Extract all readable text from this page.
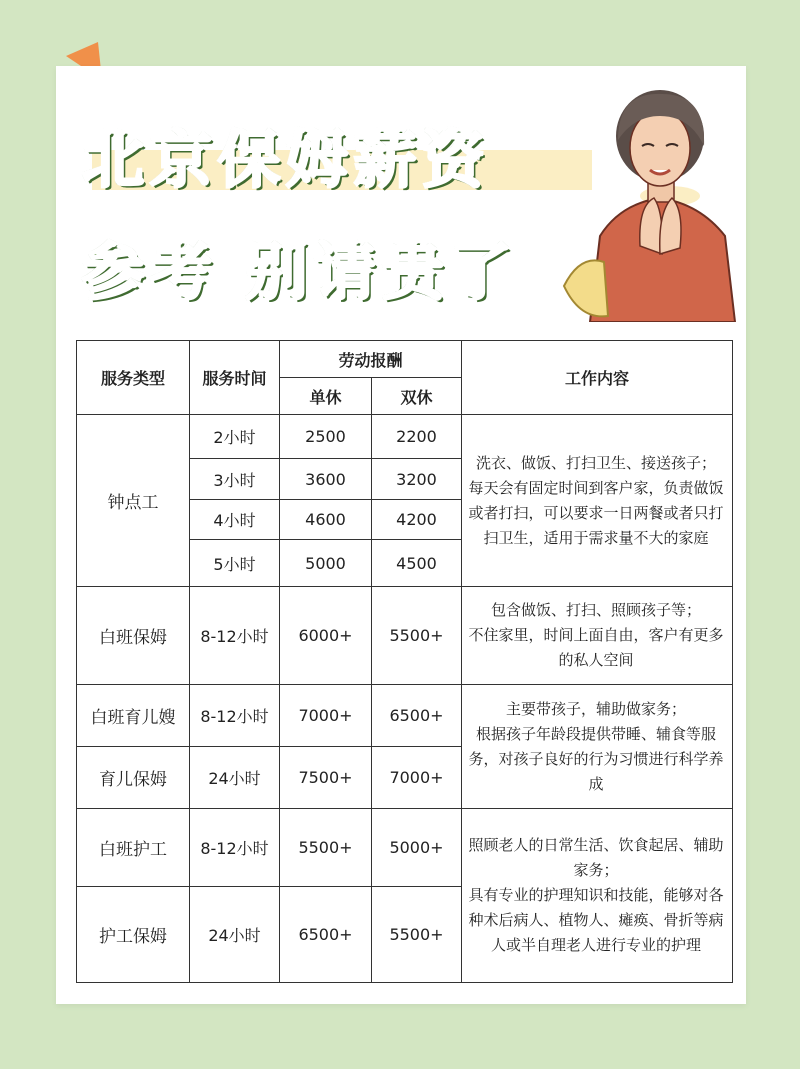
北京保姆薪资
参考 别请贵了
服务类型	服务时间	劳动报酬		工作内容
		单休	双休	
钟点工	2小时	2500	2200	洗衣、做饭、打扫卫生、接送孩子；
每天会有固定时间到客户家，负责做饭或者打扫，可以要求一日两餐或者只打扫卫生，适用于需求量不大的家庭
	3小时	3600	3200	
	4小时	4600	4200	
	5小时	5000	4500	
白班保姆	8-12小时	6000+	5500+	包含做饭、打扫、照顾孩子等；
不住家里，时间上面自由，客户有更多的私人空间
白班育儿嫂	8-12小时	7000+	6500+	主要带孩子，辅助做家务；
根据孩子年龄段提供带睡、辅食等服务，对孩子良好的行为习惯进行科学养成
育儿保姆	24小时	7500+	7000+	
白班护工	8-12小时	5500+	5000+	照顾老人的日常生活、饮食起居、辅助家务；
具有专业的护理知识和技能，能够对各种术后病人、植物人、瘫痪、骨折等病人或半自理老人进行专业的护理
护工保姆	24小时	6500+	5500+	
